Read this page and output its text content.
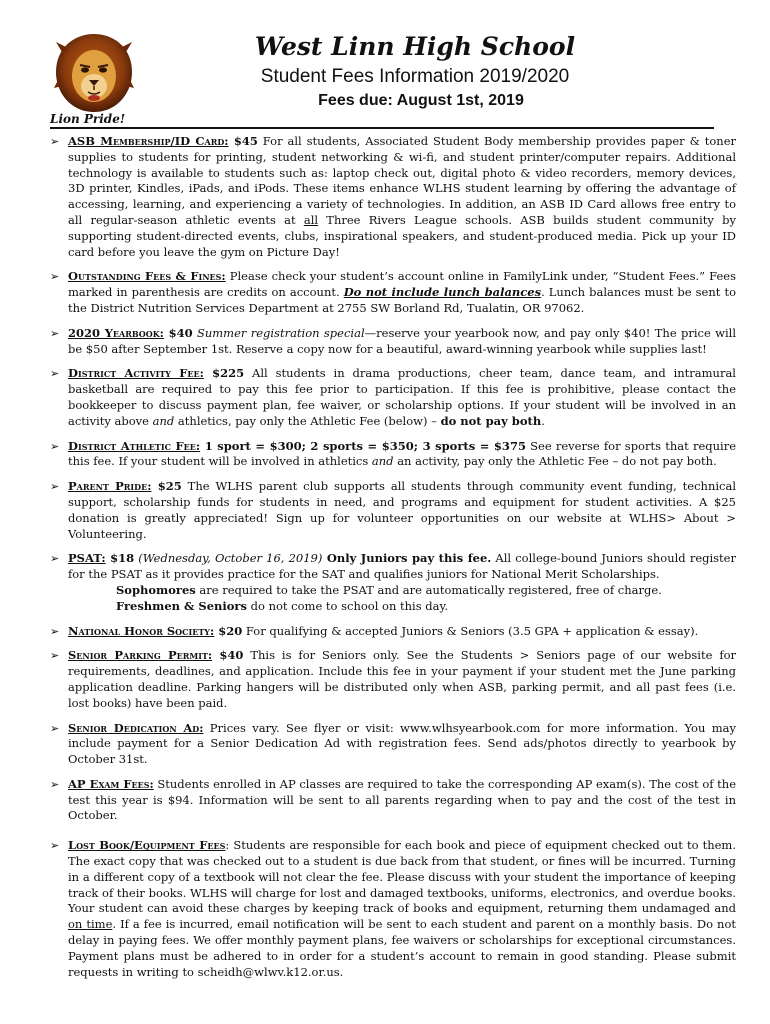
Lion Pride!
West Linn High School
Student Fees Information 2019/2020
Fees due: August 1st, 2019
➢ ASB Membership/ID Card: $45 For all students, Associated Student Body membership provides paper & toner supplies to students for printing, student networking & wi-fi, and student printer/computer repairs. Additional technology is available to students such as: laptop check out, digital photo & video recorders, memory devices, 3D printer, Kindles, iPads, and iPods. These items enhance WLHS student learning by offering the advantage of accessing, learning, and experiencing a variety of technologies. In addition, an ASB ID Card allows free entry to all regular-season athletic events at all Three Rivers League schools. ASB builds student community by supporting student-directed events, clubs, inspirational speakers, and student-produced media. Pick up your ID card before you leave the gym on Picture Day!
➢ Outstanding Fees & Fines: Please check your student’s account online in FamilyLink under, “Student Fees.” Fees marked in parenthesis are credits on account. Do not include lunch balances. Lunch balances must be sent to the District Nutrition Services Department at 2755 SW Borland Rd, Tualatin, OR 97062.
➢ 2020 Yearbook: $40 Summer registration special—reserve your yearbook now, and pay only $40! The price will be $50 after September 1st. Reserve a copy now for a beautiful, award-winning yearbook while supplies last!
➢ District Activity Fee: $225 All students in drama productions, cheer team, dance team, and intramural basketball are required to pay this fee prior to participation. If this fee is prohibitive, please contact the bookkeeper to discuss payment plan, fee waiver, or scholarship options. If your student will be involved in an activity above and athletics, pay only the Athletic Fee (below) – do not pay both.
➢ District Athletic Fee: 1 sport = $300; 2 sports = $350; 3 sports = $375 See reverse for sports that require this fee. If your student will be involved in athletics and an activity, pay only the Athletic Fee – do not pay both.
➢ Parent Pride: $25 The WLHS parent club supports all students through community event funding, technical support, scholarship funds for students in need, and programs and equipment for student activities. A $25 donation is greatly appreciated! Sign up for volunteer opportunities on our website at WLHS> About > Volunteering.
➢ PSAT: $18 (Wednesday, October 16, 2019) Only Juniors pay this fee. All college-bound Juniors should register for the PSAT as it provides practice for the SAT and qualifies juniors for National Merit Scholarships.
Sophomores are required to take the PSAT and are automatically registered, free of charge.
Freshmen & Seniors do not come to school on this day.
➢ National Honor Society: $20 For qualifying & accepted Juniors & Seniors (3.5 GPA + application & essay).
➢ Senior Parking Permit: $40 This is for Seniors only. See the Students > Seniors page of our website for requirements, deadlines, and application. Include this fee in your payment if your student met the June parking application deadline. Parking hangers will be distributed only when ASB, parking permit, and all past fees (i.e. lost books) have been paid.
➢ Senior Dedication Ad: Prices vary. See flyer or visit: www.wlhsyearbook.com for more information. You may include payment for a Senior Dedication Ad with registration fees. Send ads/photos directly to yearbook by October 31st.
➢ AP Exam Fees: Students enrolled in AP classes are required to take the corresponding AP exam(s). The cost of the test this year is $94. Information will be sent to all parents regarding when to pay and the cost of the test in October.
➢ Lost Book/Equipment Fees: Students are responsible for each book and piece of equipment checked out to them. The exact copy that was checked out to a student is due back from that student, or fines will be incurred. Turning in a different copy of a textbook will not clear the fee. Please discuss with your student the importance of keeping track of their books. WLHS will charge for lost and damaged textbooks, uniforms, electronics, and overdue books. Your student can avoid these charges by keeping track of books and equipment, returning them undamaged and on time. If a fee is incurred, email notification will be sent to each student and parent on a monthly basis. Do not delay in paying fees. We offer monthly payment plans, fee waivers or scholarships for exceptional circumstances. Payment plans must be adhered to in order for a student’s account to remain in good standing. Please submit requests in writing to scheidh@wlwv.k12.or.us.
